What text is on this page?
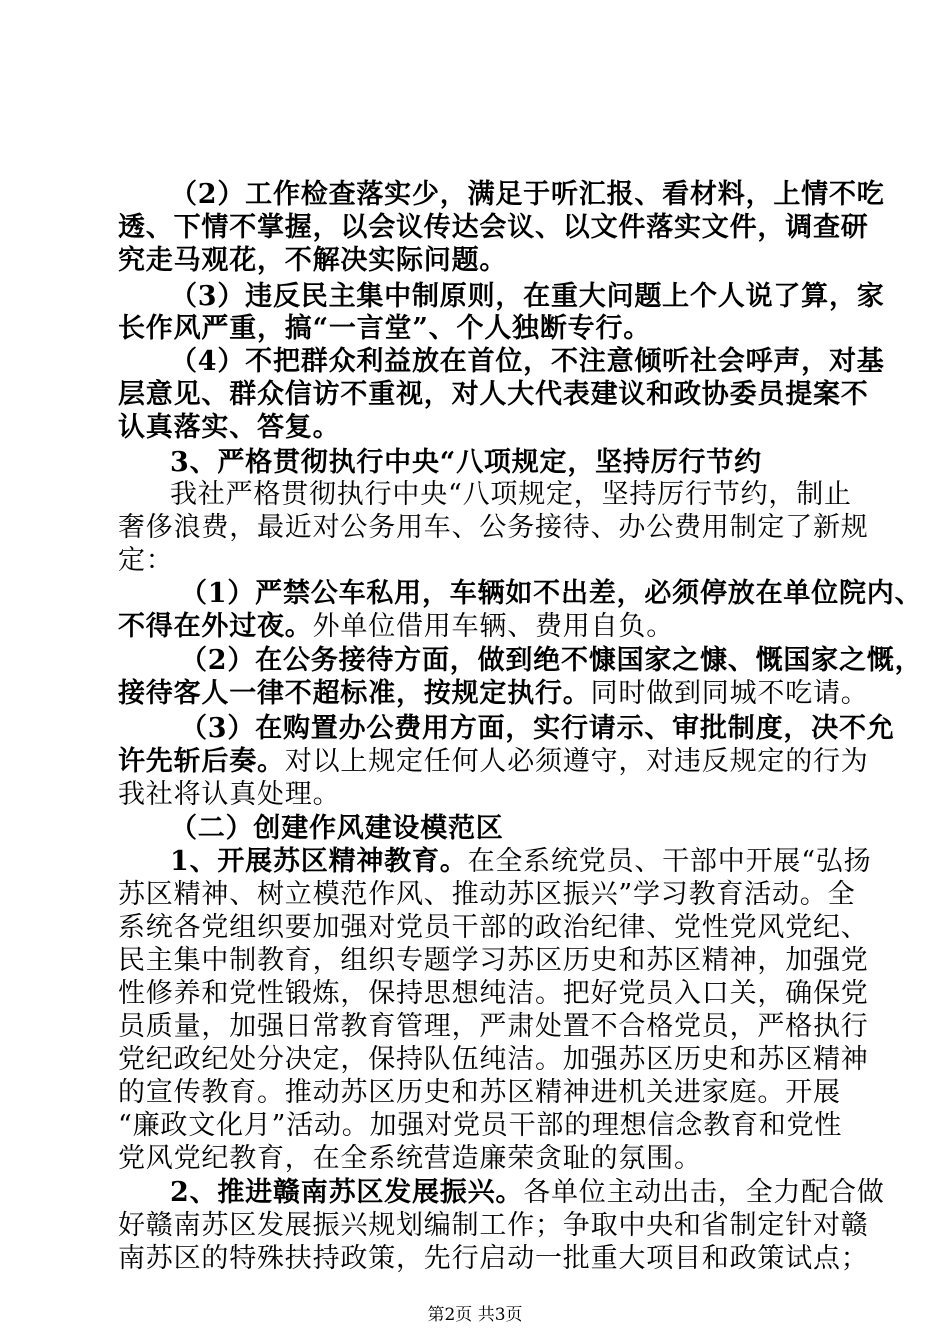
（2）工作检查落实少，满足于听汇报、看材料，上情不吃
透、下情不掌握，以会议传达会议、以文件落实文件，调查研
究走马观花，不解决实际问题。
（3）违反民主集中制原则，在重大问题上个人说了算，家
长作风严重，搞“一言堂”、个人独断专行。
（4）不把群众利益放在首位，不注意倾听社会呼声，对基
层意见、群众信访不重视，对人大代表建议和政协委员提案不
认真落实、答复。
3、严格贯彻执行中央“八项规定，坚持厉行节约
我社严格贯彻执行中央“八项规定，坚持厉行节约，制止
奢侈浪费，最近对公务用车、公务接待、办公费用制定了新规
定：
（1）严禁公车私用，车辆如不出差，必须停放在单位院内、
不得在外过夜。外单位借用车辆、费用自负。
（2）在公务接待方面，做到绝不慷国家之慷、慨国家之慨，
接待客人一律不超标准，按规定执行。同时做到同城不吃请。
（3）在购置办公费用方面，实行请示、审批制度，决不允
许先斩后奏。对以上规定任何人必须遵守，对违反规定的行为
我社将认真处理。
（二）创建作风建设模范区
1、开展苏区精神教育。在全系统党员、干部中开展“弘扬
苏区精神、树立模范作风、推动苏区振兴”学习教育活动。全
系统各党组织要加强对党员干部的政治纪律、党性党风党纪、
民主集中制教育，组织专题学习苏区历史和苏区精神，加强党
性修养和党性锻炼，保持思想纯洁。把好党员入口关，确保党
员质量，加强日常教育管理，严肃处置不合格党员，严格执行
党纪政纪处分决定，保持队伍纯洁。加强苏区历史和苏区精神
的宣传教育。推动苏区历史和苏区精神进机关进家庭。开展
“廉政文化月”活动。加强对党员干部的理想信念教育和党性
党风党纪教育，在全系统营造廉荣贪耻的氛围。
2、推进赣南苏区发展振兴。各单位主动出击，全力配合做
好赣南苏区发展振兴规划编制工作；争取中央和省制定针对赣
南苏区的特殊扶持政策，先行启动一批重大项目和政策试点；
第2页 共3页
